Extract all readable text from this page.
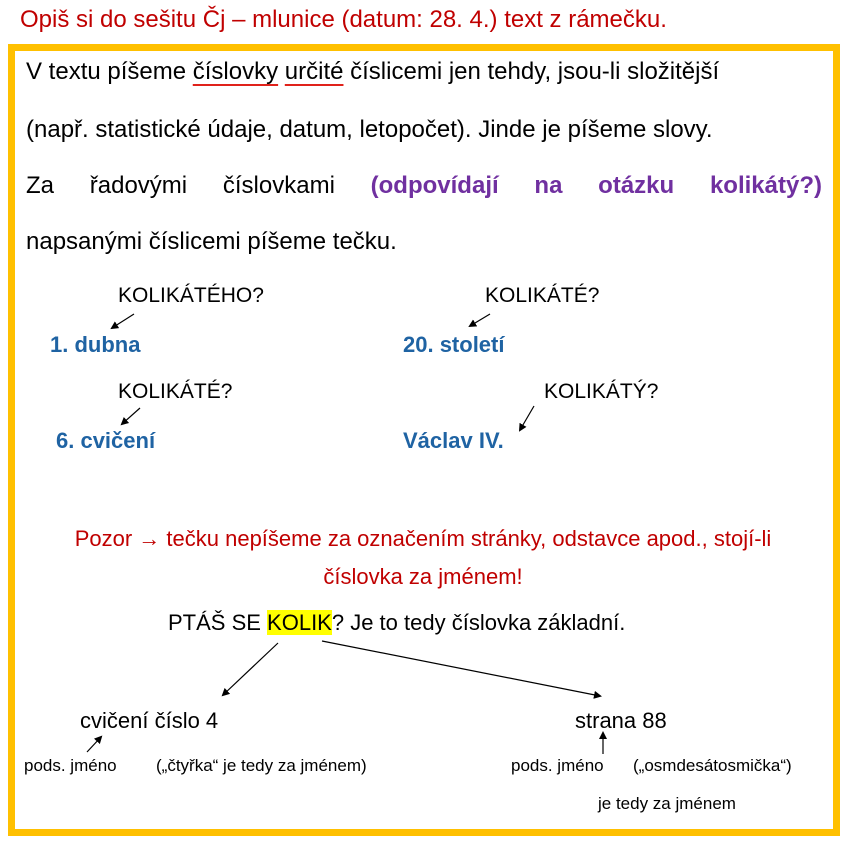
Opiš si do sešitu Čj – mlunice (datum: 28. 4.) text z rámečku.
V textu píšeme číslovky určité číslicemi jen tehdy, jsou-li složitější
(např. statistické údaje, datum, letopočet). Jinde je píšeme slovy.
Za řadovými číslovkami (odpovídají na otázku kolikátý?)
napsanými číslicemi píšeme tečku.
KOLIKÁTÉHO?
1. dubna
KOLIKÁTÉ?
20. století
KOLIKÁTÉ?
6. cvičení
KOLIKÁTÝ?
Václav IV.
Pozor → tečku nepíšeme za označením stránky, odstavce apod., stojí-li
číslovka za jménem!
PTÁŠ SE KOLIK? Je to tedy číslovka základní.
cvičení číslo 4
pods. jméno („čtyřka“ je tedy za jménem)
strana 88
pods. jméno („osmdesátosmička“)
je tedy za jménem
